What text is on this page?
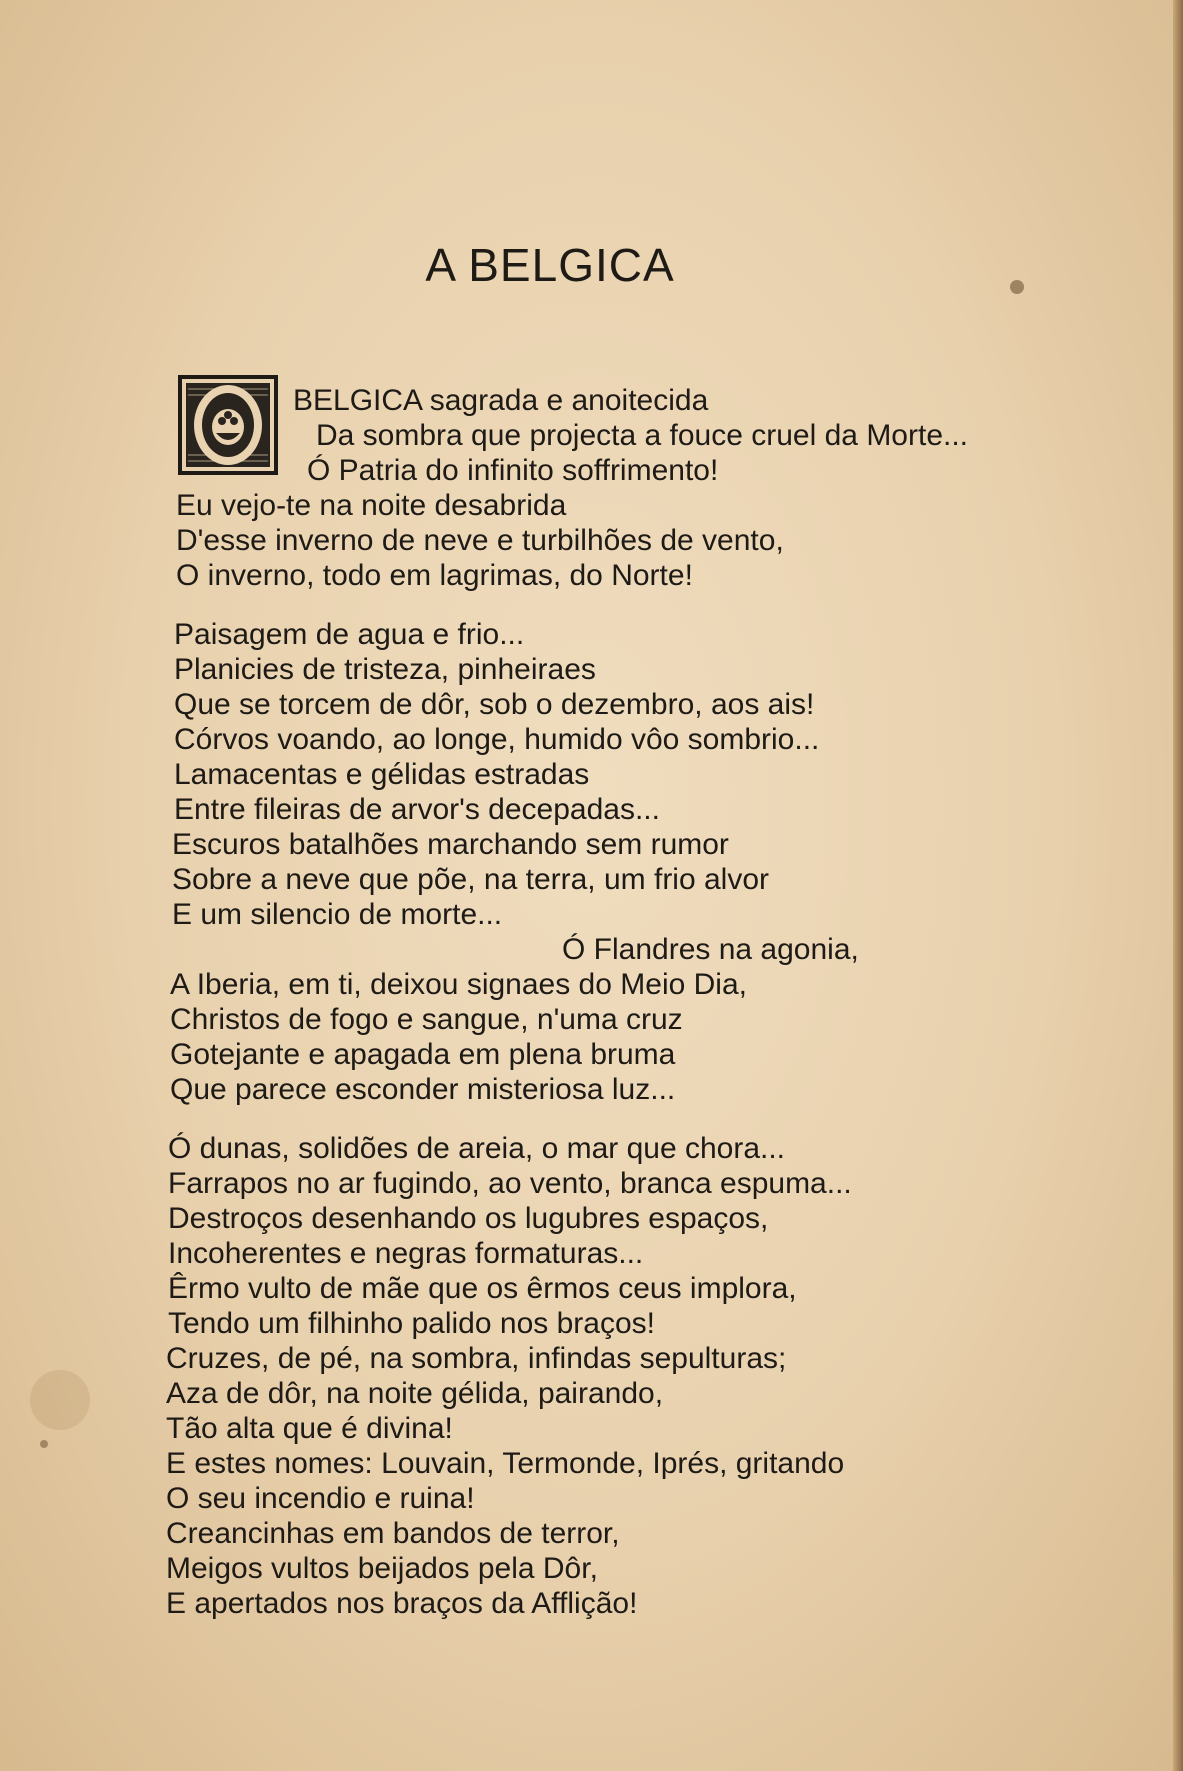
A BELGICA
BELGICA sagrada e anoitecida
Da sombra que projecta a fouce cruel da Morte...
Ó Patria do infinito soffrimento!
Eu vejo-te na noite desabrida
D'esse inverno de neve e turbilhões de vento,
O inverno, todo em lagrimas, do Norte!
Paisagem de agua e frio...
Planicies de tristeza, pinheiraes
Que se torcem de dôr, sob o dezembro, aos ais!
Córvos voando, ao longe, humido vôo sombrio...
Lamacentas e gélidas estradas
Entre fileiras de arvor's decepadas...
Escuros batalhões marchando sem rumor
Sobre a neve que põe, na terra, um frio alvor
E um silencio de morte...
Ó Flandres na agonia,
A Iberia, em ti, deixou signaes do Meio Dia,
Christos de fogo e sangue, n'uma cruz
Gotejante e apagada em plena bruma
Que parece esconder misteriosa luz...
Ó dunas, solidões de areia, o mar que chora...
Farrapos no ar fugindo, ao vento, branca espuma...
Destroços desenhando os lugubres espaços,
Incoherentes e negras formaturas...
Êrmo vulto de mãe que os êrmos ceus implora,
Tendo um filhinho palido nos braços!
Cruzes, de pé, na sombra, infindas sepulturas;
Aza de dôr, na noite gélida, pairando,
Tão alta que é divina!
E estes nomes: Louvain, Termonde, Iprés, gritando
O seu incendio e ruina!
Creancinhas em bandos de terror,
Meigos vultos beijados pela Dôr,
E apertados nos braços da Afflição!
